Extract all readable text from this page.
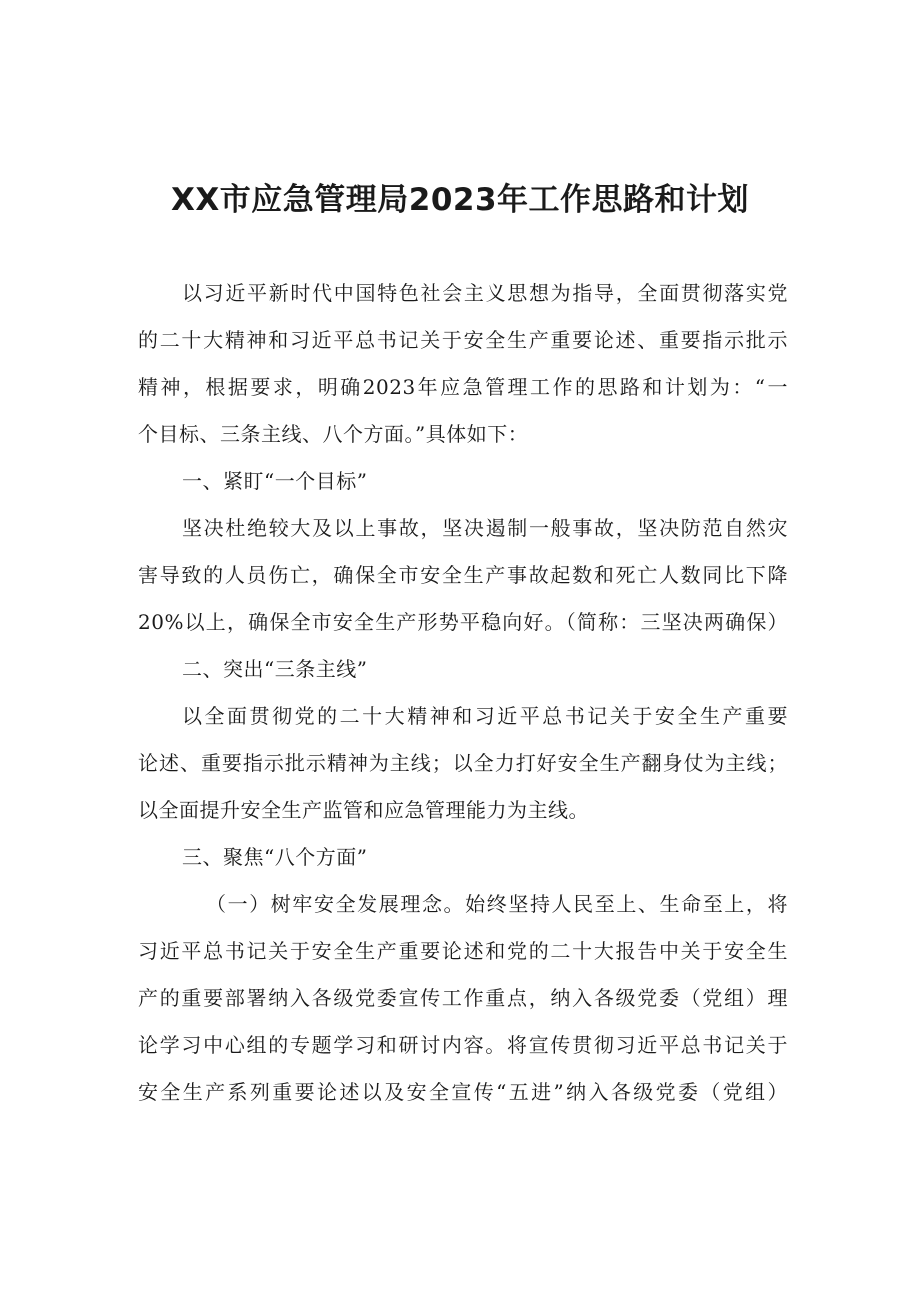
XX市应急管理局2023年工作思路和计划
以习近平新时代中国特色社会主义思想为指导，全面贯彻落实党
的二十大精神和习近平总书记关于安全生产重要论述、重要指示批示
精神，根据要求，明确2023年应急管理工作的思路和计划为：“一
个目标、三条主线、八个方面。”具体如下：
一、紧盯“一个目标”
坚决杜绝较大及以上事故，坚决遏制一般事故，坚决防范自然灾
害导致的人员伤亡，确保全市安全生产事故起数和死亡人数同比下降
20%以上，确保全市安全生产形势平稳向好。（简称：三坚决两确保）
二、突出“三条主线”
以全面贯彻党的二十大精神和习近平总书记关于安全生产重要
论述、重要指示批示精神为主线；以全力打好安全生产翻身仗为主线；
以全面提升安全生产监管和应急管理能力为主线。
三、聚焦“八个方面”
（一）树牢安全发展理念。始终坚持人民至上、生命至上，将
习近平总书记关于安全生产重要论述和党的二十大报告中关于安全生
产的重要部署纳入各级党委宣传工作重点，纳入各级党委（党组）理
论学习中心组的专题学习和研讨内容。将宣传贯彻习近平总书记关于
安全生产系列重要论述以及安全宣传“五进”纳入各级党委（党组）
